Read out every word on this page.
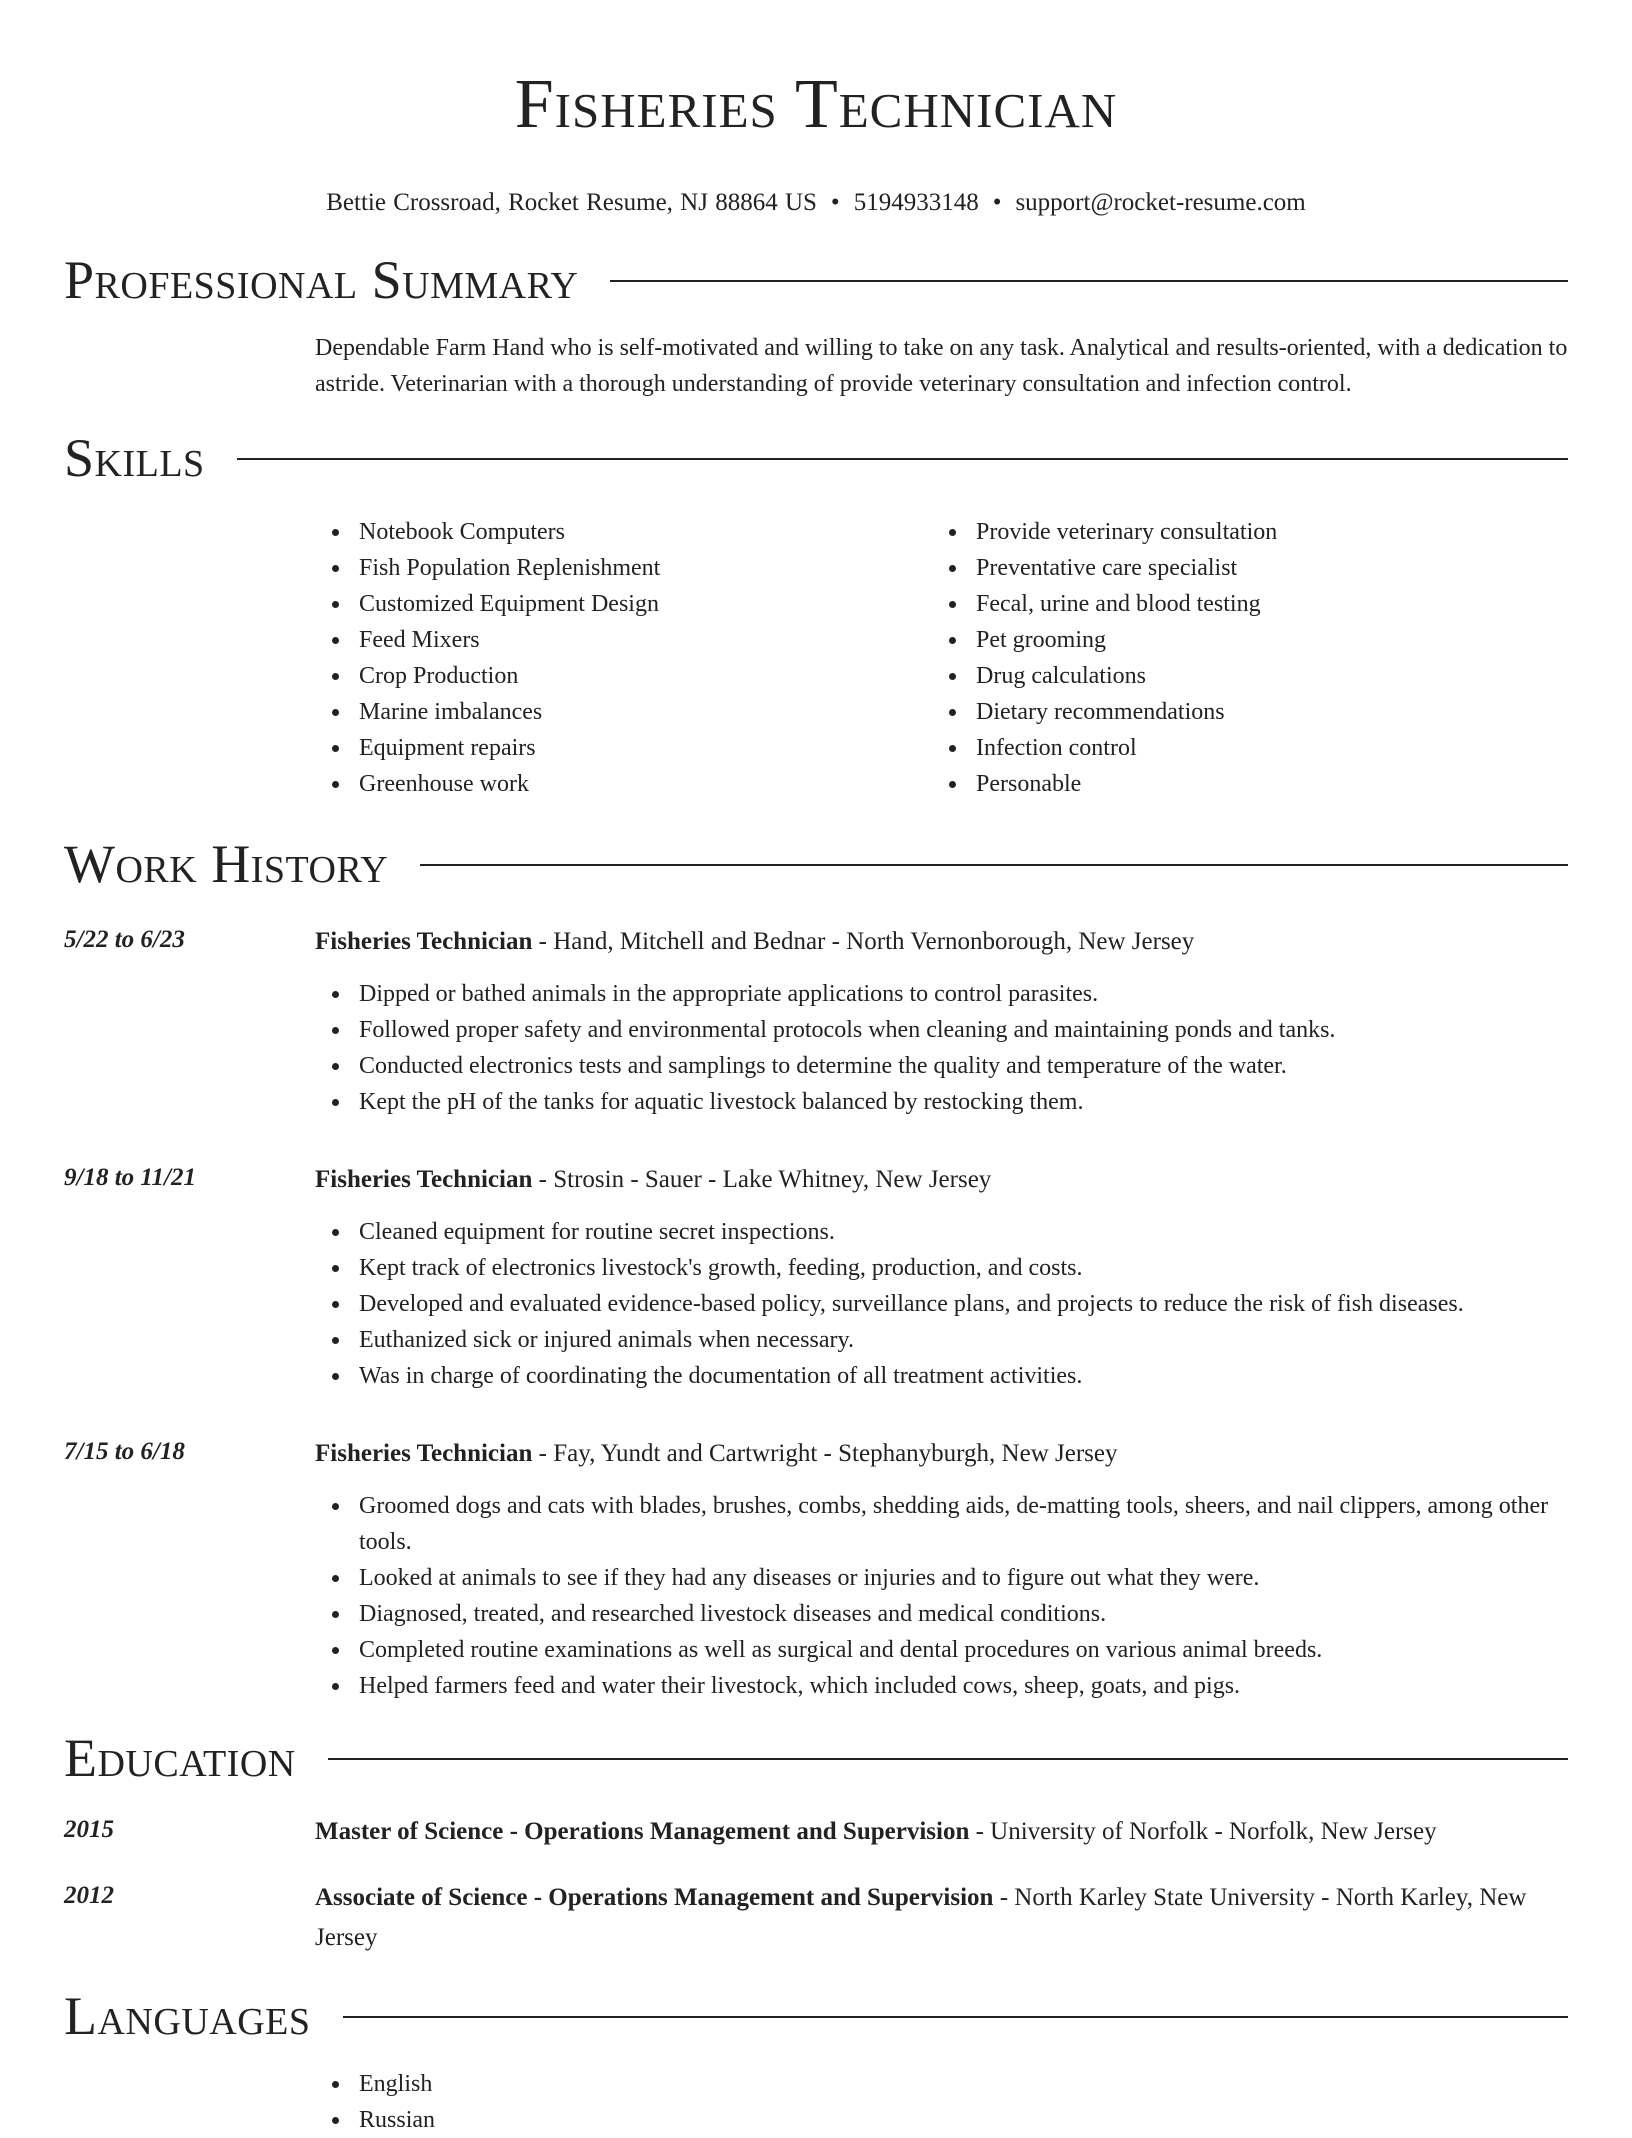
Fisheries Technician
Bettie Crossroad, Rocket Resume, NJ 88864 US • 5194933148 • support@rocket-resume.com
Professional Summary
Dependable Farm Hand who is self-motivated and willing to take on any task. Analytical and results-oriented, with a dedication to astride. Veterinarian with a thorough understanding of provide veterinary consultation and infection control.
Skills
Notebook Computers
Fish Population Replenishment
Customized Equipment Design
Feed Mixers
Crop Production
Marine imbalances
Equipment repairs
Greenhouse work
Provide veterinary consultation
Preventative care specialist
Fecal, urine and blood testing
Pet grooming
Drug calculations
Dietary recommendations
Infection control
Personable
Work History
5/22 to 6/23	Fisheries Technician - Hand, Mitchell and Bednar - North Vernonborough, New Jersey
Dipped or bathed animals in the appropriate applications to control parasites.
Followed proper safety and environmental protocols when cleaning and maintaining ponds and tanks.
Conducted electronics tests and samplings to determine the quality and temperature of the water.
Kept the pH of the tanks for aquatic livestock balanced by restocking them.
9/18 to 11/21	Fisheries Technician - Strosin - Sauer - Lake Whitney, New Jersey
Cleaned equipment for routine secret inspections.
Kept track of electronics livestock's growth, feeding, production, and costs.
Developed and evaluated evidence-based policy, surveillance plans, and projects to reduce the risk of fish diseases.
Euthanized sick or injured animals when necessary.
Was in charge of coordinating the documentation of all treatment activities.
7/15 to 6/18	Fisheries Technician - Fay, Yundt and Cartwright - Stephanyburgh, New Jersey
Groomed dogs and cats with blades, brushes, combs, shedding aids, de-matting tools, sheers, and nail clippers, among other tools.
Looked at animals to see if they had any diseases or injuries and to figure out what they were.
Diagnosed, treated, and researched livestock diseases and medical conditions.
Completed routine examinations as well as surgical and dental procedures on various animal breeds.
Helped farmers feed and water their livestock, which included cows, sheep, goats, and pigs.
Education
2015	Master of Science - Operations Management and Supervision - University of Norfolk - Norfolk, New Jersey
2012	Associate of Science - Operations Management and Supervision - North Karley State University - North Karley, New Jersey
Languages
English
Russian
